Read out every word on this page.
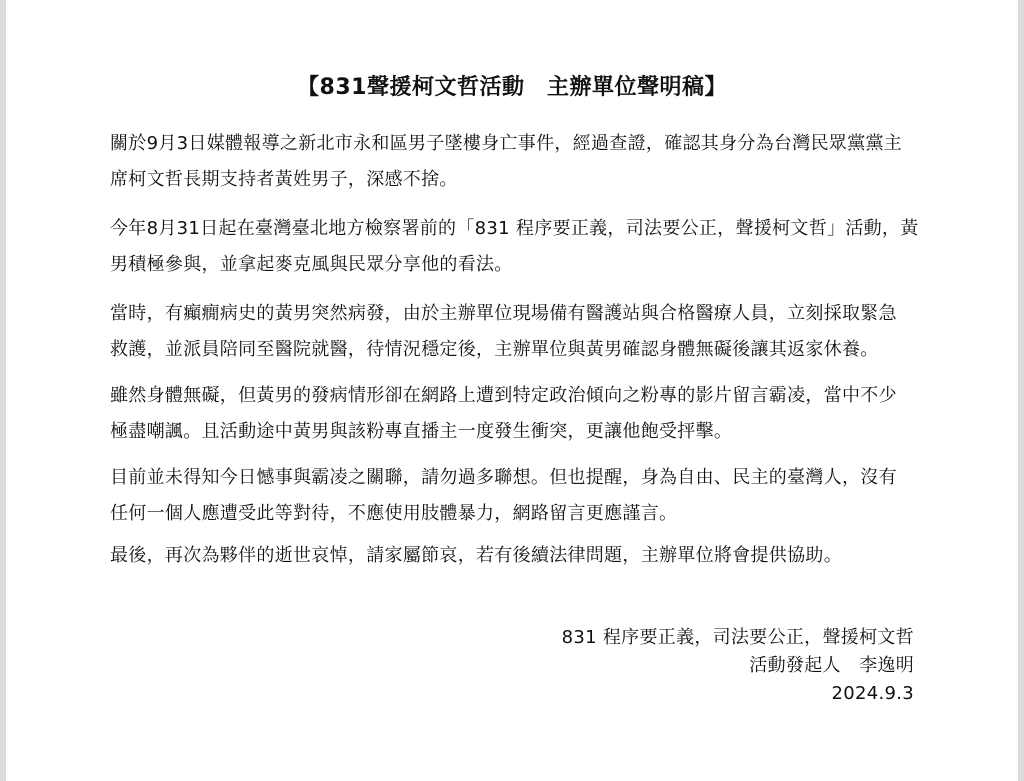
【831聲援柯文哲活動　主辦單位聲明稿】

關於9月3日媒體報導之新北市永和區男子墜樓身亡事件，經過查證，確認其身分為台灣民眾黨黨主
席柯文哲長期支持者黃姓男子，深感不捨。

今年8月31日起在臺灣臺北地方檢察署前的「831 程序要正義，司法要公正，聲援柯文哲」活動，黃
男積極參與，並拿起麥克風與民眾分享他的看法。

當時，有癲癇病史的黃男突然病發，由於主辦單位現場備有醫護站與合格醫療人員，立刻採取緊急
救護，並派員陪同至醫院就醫，待情況穩定後，主辦單位與黃男確認身體無礙後讓其返家休養。

雖然身體無礙，但黃男的發病情形卻在網路上遭到特定政治傾向之粉專的影片留言霸凌，當中不少
極盡嘲諷。且活動途中黃男與該粉專直播主一度發生衝突，更讓他飽受抨擊。

目前並未得知今日憾事與霸凌之關聯，請勿過多聯想。但也提醒，身為自由、民主的臺灣人，沒有
任何一個人應遭受此等對待，不應使用肢體暴力，網路留言更應謹言。

最後，再次為夥伴的逝世哀悼，請家屬節哀，若有後續法律問題，主辦單位將會提供協助。

831 程序要正義，司法要公正，聲援柯文哲

活動發起人　李逸明

2024.9.3
